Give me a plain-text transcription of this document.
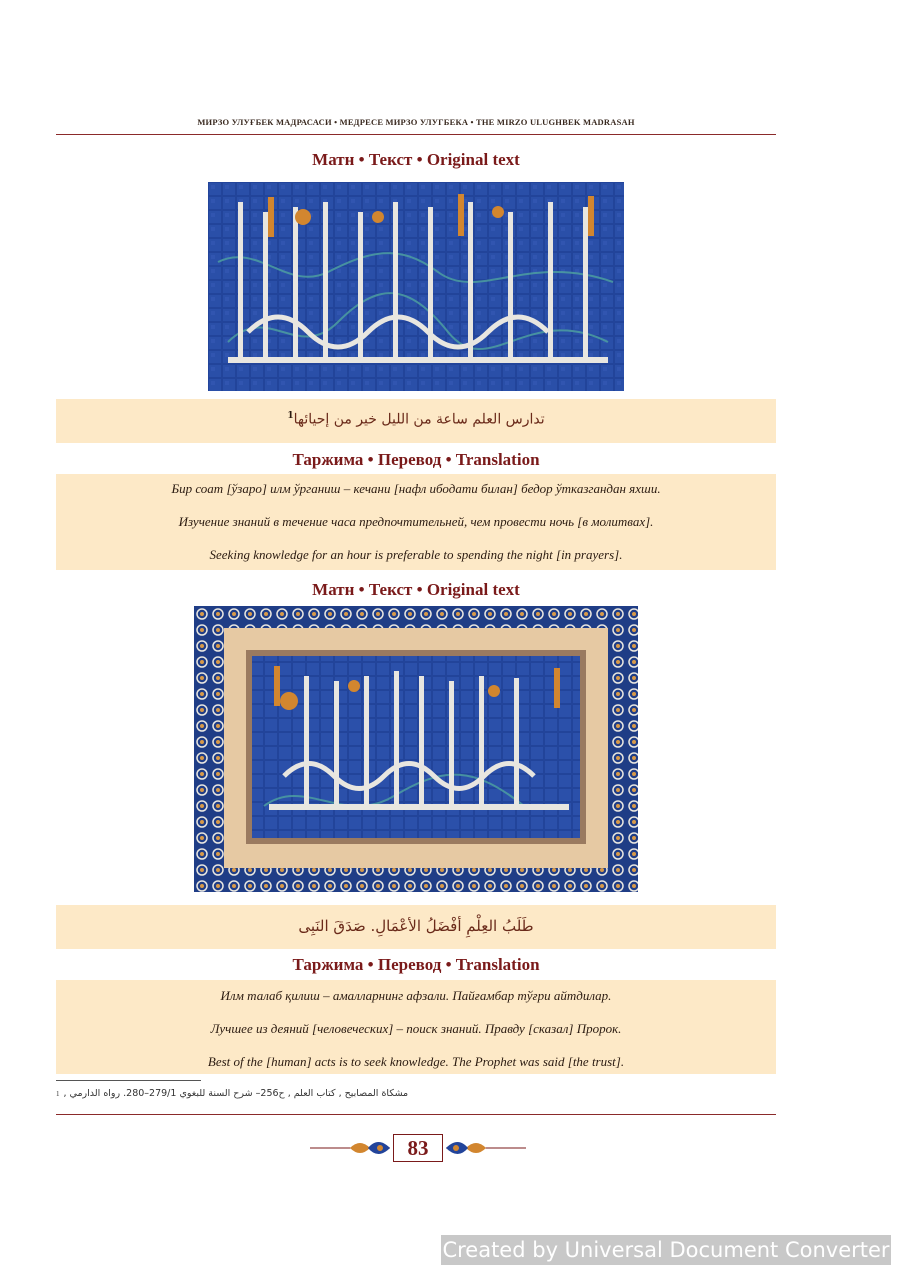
МИРЗО УЛУҒБЕК МАДРАСАСИ • МЕДРЕСЕ МИРЗО УЛУГБЕКА • THE MIRZO ULUGHBEK MADRASAH
Матн • Текст • Original text
تدارس العلم ساعة من الليل خير من إحيائها$^1$
Таржима • Перевод • Translation
Бир соат [ўзаро] илм ўрганиш – кечани [нафл ибодати билан] бедор ўтказгандан яхши.
Изучение знаний в течение часа предпочтительней, чем провести ночь [в молитвах].
Seeking knowledge for an hour is preferable to spending the night [in prayers].
Матн • Текст • Original text
طَلَبُ العِلْمِ أفْضَلُ الأعْمَالِ. صَدَقَ النَبِى
Таржима • Перевод • Translation
Илм талаб қилиш – амалларнинг афзали. Пайғамбар тўғри айтдилар.
Лучшее из деяний [человеческих] – поиск знаний. Правду [сказал] Пророк.
Best of the [human] acts is to seek knowledge. The Prophet was said [the trust].
1 مشكاة المصابيح , كتاب العلم , ح256– شرح السنة للبغوي 279/1–280. رواه الدارمي ,
83
Created by Universal Document Converter
